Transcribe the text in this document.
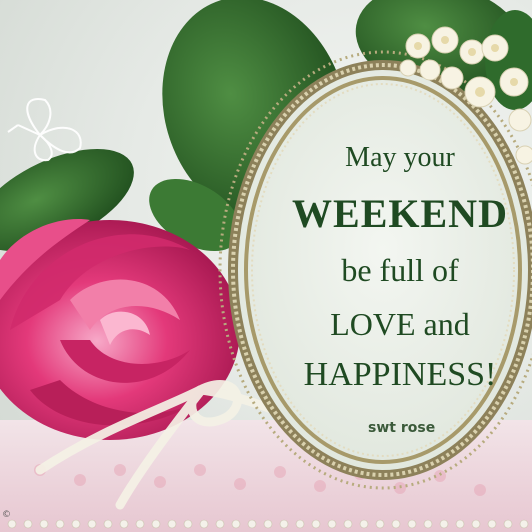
May your
WEEKEND
be full of
LOVE and
HAPPINESS!
swt rose
©
